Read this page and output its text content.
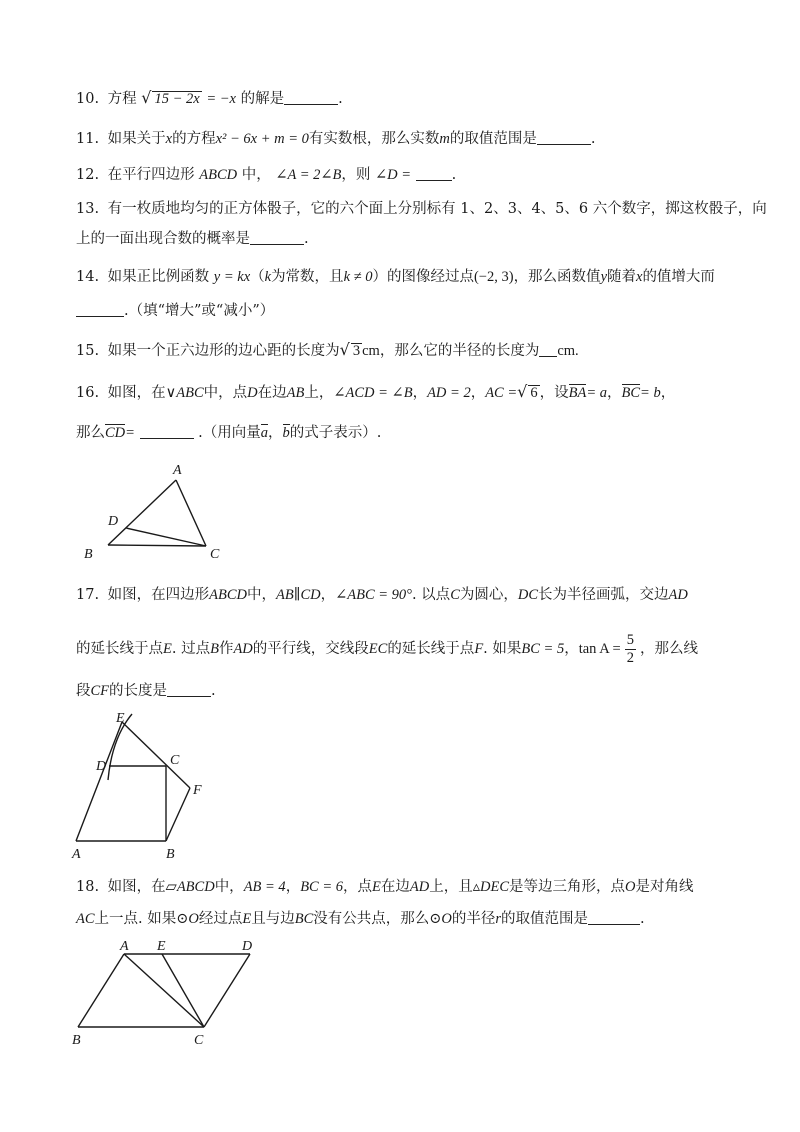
10. 方程 √ 15 − 2x = −x 的解是	.
11. 如果关于x的方程x² − 6x + m = 0有实数根，那么实数m的取值范围是	.
12. 在平行四边形 ABCD 中， ∠A = 2∠B，则 ∠D =	.
13. 有一枚质地均匀的正方体骰子，它的六个面上分别标有 1、2、3、4、5、6 六个数字，掷这枚骰子，向
上的一面出现合数的概率是	.
14. 如果正比例函数 y = kx（k为常数，且k ≠ 0）的图像经过点(−2, 3)，那么函数值y随着x的值增大而
.（填“增大”或“减小”）
15. 如果一个正六边形的边心距的长度为√ 3 cm，那么它的半径的长度为 cm.
16. 如图，在∨ABC中，点D在边AB上，∠ACD = ∠B，AD = 2，AC =√ 6 ，设BA= a，BC= b，
那么CD=	.（用向量a，b的式子表示）.
A
B	C
D
17. 如图，在四边形ABCD中，AB∥CD，∠ABC = 90°. 以点C为圆心，DC长为半径画弧，交边AD
的延长线于点E. 过点B作AD的平行线，交线段EC的延长线于点F. 如果BC = 5，$\tan A = \frac{5}{2}$ ，那么线
段CF的长度是	.
E
D	C
F
A	B
18. 如图，在▱ABCD中，AB = 4，BC = 6，点E在边AD上，且▵DEC是等边三角形，点O是对角线
AC上一点. 如果⊙O经过点E且与边BC没有公共点，那么⊙O的半径r的取值范围是	.
A E	D
B	C
